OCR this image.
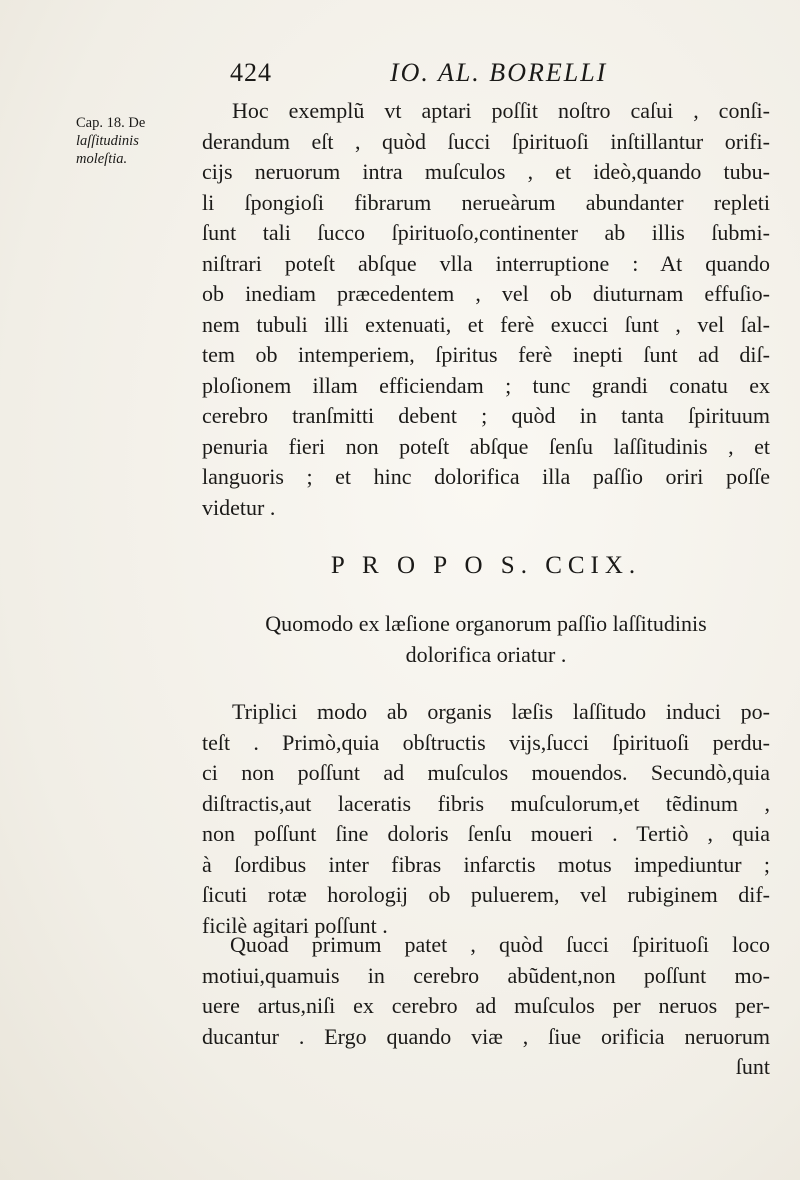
424	IO. AL. BORELLI
Cap. 18. De
laſſitudinis
moleſtia.
Hoc exemplũ vt aptari poſſit noſtro caſui , conſi-
derandum eſt , quòd ſucci ſpirituoſi inſtillantur orifi-
cijs neruorum intra muſculos , et ideò,quando tubu-
li ſpongioſi fibrarum nerueàrum abundanter repleti
ſunt tali ſucco ſpirituoſo,continenter ab illis ſubmi-
niſtrari poteſt abſque vlla interruptione : At quando
ob inediam præcedentem , vel ob diuturnam effuſio-
nem tubuli illi extenuati, et ferè exucci ſunt , vel ſal-
tem ob intemperiem, ſpiritus ferè inepti ſunt ad diſ-
ploſionem illam efficiendam ; tunc grandi conatu ex
cerebro tranſmitti debent ; quòd in tanta ſpirituum
penuria fieri non poteſt abſque ſenſu laſſitudinis , et
languoris ; et hinc dolorifica illa paſſio oriri poſſe
videtur .
P R O P O S. CCIX.
Quomodo ex læſione organorum paſſio laſſitudinis
dolorifica oriatur .
Triplici modo ab organis læſis laſſitudo induci po-
teſt . Primò,quia obſtructis vijs,ſucci ſpirituoſi perdu-
ci non poſſunt ad muſculos mouendos. Secundò,quia
diſtractis,aut laceratis fibris muſculorum,et tẽdinum ,
non poſſunt ſine doloris ſenſu moueri . Tertiò , quia
à ſordibus inter fibras infarctis motus impediuntur ;
ſicuti rotæ horologij ob puluerem, vel rubiginem dif-
ficilè agitari poſſunt .
Quoad primum patet , quòd ſucci ſpirituoſi loco
motiui,quamuis in cerebro abũdent,non poſſunt mo-
uere artus,niſi ex cerebro ad muſculos per neruos per-
ducantur . Ergo quando viæ , ſiue orificia neruorum
ſunt
